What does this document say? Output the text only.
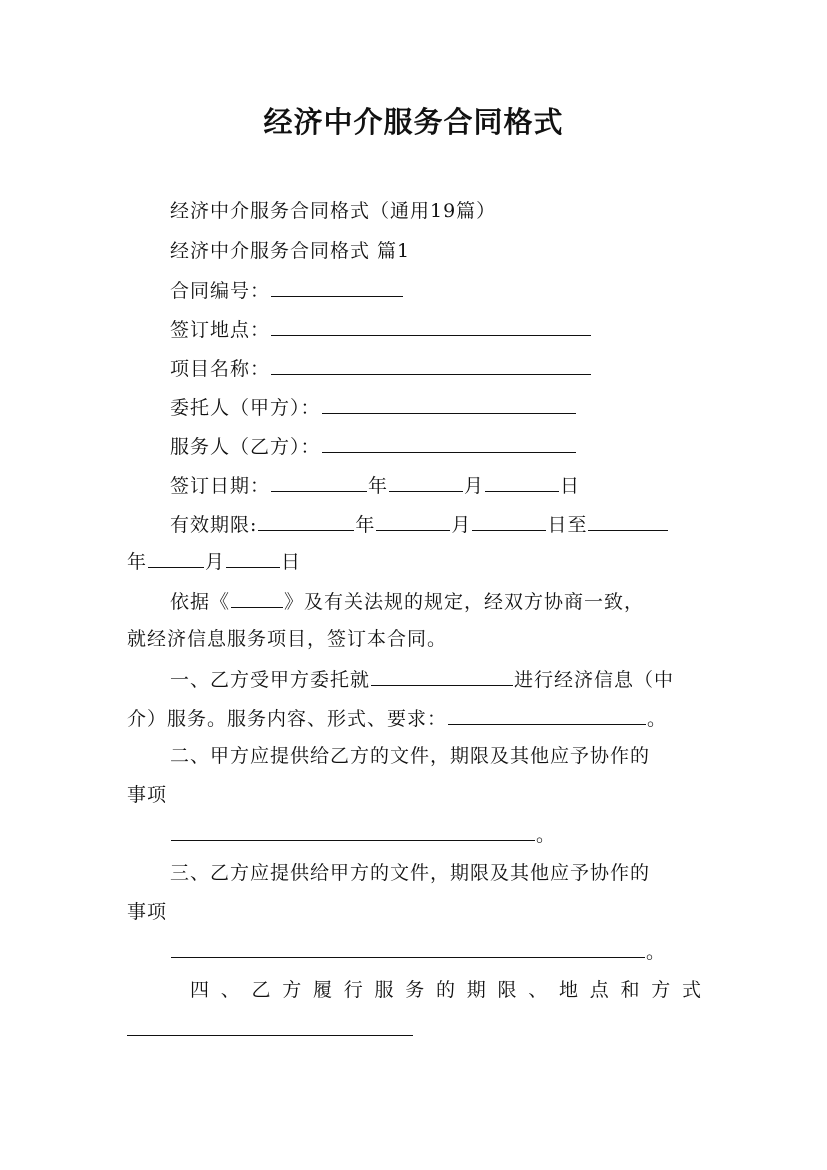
经济中介服务合同格式
经济中介服务合同格式（通用19篇）
经济中介服务合同格式 篇1
合同编号：
签订地点：
项目名称：
委托人（甲方）：
服务人（乙方）：
签订日期：	年	月	日
有效期限:	年	月	日至
年	月	日
依据《	》及有关法规的规定，经双方协商一致，
就经济信息服务项目，签订本合同。
一、乙方受甲方委托就	进行经济信息（中
介）服务。服务内容、形式、要求：	。
二、甲方应提供给乙方的文件，期限及其他应予协作的
事项
。
三、乙方应提供给甲方的文件，期限及其他应予协作的
事项
。
四、乙方履行服务的期限、地点和方式
